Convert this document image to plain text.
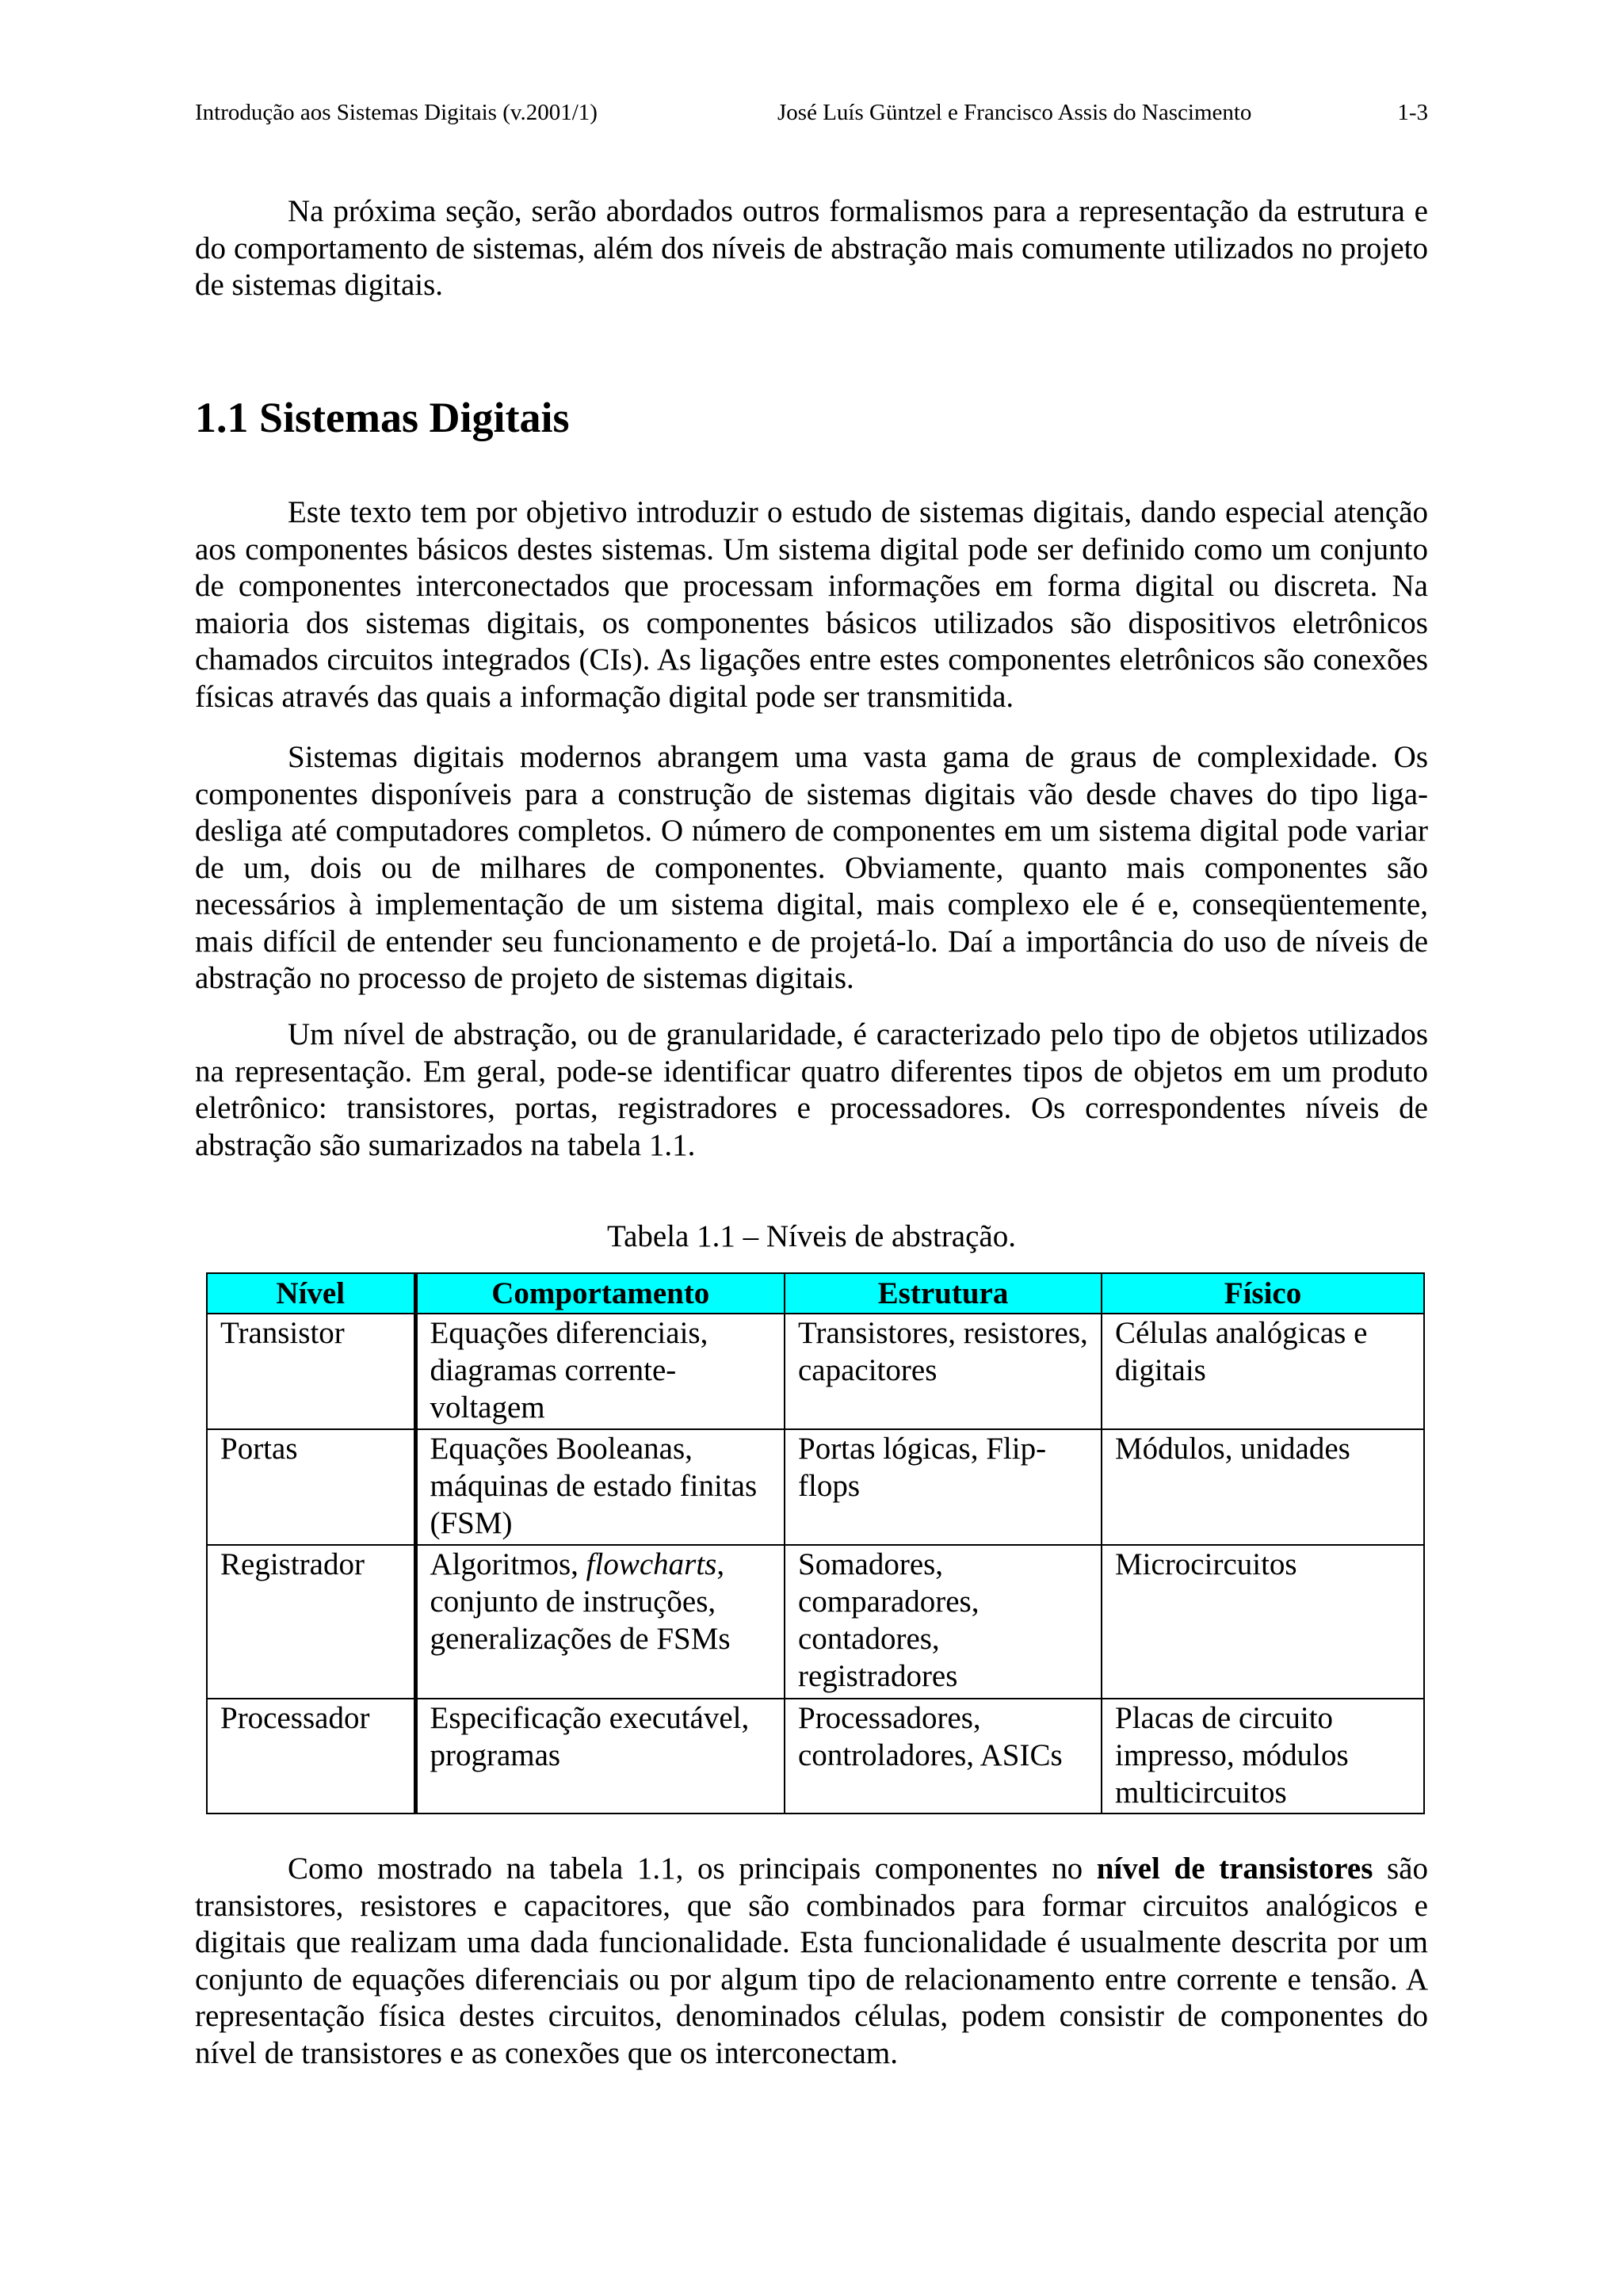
Introdução aos Sistemas Digitais (v.2001/1)	José Luís Güntzel e Francisco Assis do Nascimento	1-3

Na próxima seção, serão abordados outros formalismos para a representação da estrutura e do comportamento de sistemas, além dos níveis de abstração mais comumente utilizados no projeto de sistemas digitais.

1.1 Sistemas Digitais

Este texto tem por objetivo introduzir o estudo de sistemas digitais, dando especial atenção aos componentes básicos destes sistemas. Um sistema digital pode ser definido como um conjunto de componentes interconectados que processam informações em forma digital ou discreta. Na maioria dos sistemas digitais, os componentes básicos utilizados são dispositivos eletrônicos chamados circuitos integrados (CIs). As ligações entre estes componentes eletrônicos são conexões físicas através das quais a informação digital pode ser transmitida.

Sistemas digitais modernos abrangem uma vasta gama de graus de complexidade. Os componentes disponíveis para a construção de sistemas digitais vão desde chaves do tipo liga-desliga até computadores completos. O número de componentes em um sistema digital pode variar de um, dois ou de milhares de componentes. Obviamente, quanto mais componentes são necessários à implementação de um sistema digital, mais complexo ele é e, conseqüentemente, mais difícil de entender seu funcionamento e de projetá-lo. Daí a importância do uso de níveis de abstração no processo de projeto de sistemas digitais.

Um nível de abstração, ou de granularidade, é caracterizado pelo tipo de objetos utilizados na representação. Em geral, pode-se identificar quatro diferentes tipos de objetos em um produto eletrônico: transistores, portas, registradores e processadores. Os correspondentes níveis de abstração são sumarizados na tabela 1.1.

Tabela 1.1 – Níveis de abstração.
Nível	Comportamento	Estrutura	Físico
Transistor	Equações diferenciais, diagramas corrente-voltagem	Transistores, resistores, capacitores	Células analógicas e digitais
Portas	Equações Booleanas, máquinas de estado finitas (FSM)	Portas lógicas, Flip-flops	Módulos, unidades
Registrador	Algoritmos, flowcharts, conjunto de instruções, generalizações de FSMs	Somadores, comparadores, contadores, registradores	Microcircuitos
Processador	Especificação executável, programas	Processadores, controladores, ASICs	Placas de circuito impresso, módulos multicircuitos

Como mostrado na tabela 1.1, os principais componentes no nível de transistores são transistores, resistores e capacitores, que são combinados para formar circuitos analógicos e digitais que realizam uma dada funcionalidade. Esta funcionalidade é usualmente descrita por um conjunto de equações diferenciais ou por algum tipo de relacionamento entre corrente e tensão. A representação física destes circuitos, denominados células, podem consistir de componentes do nível de transistores e as conexões que os interconectam.
